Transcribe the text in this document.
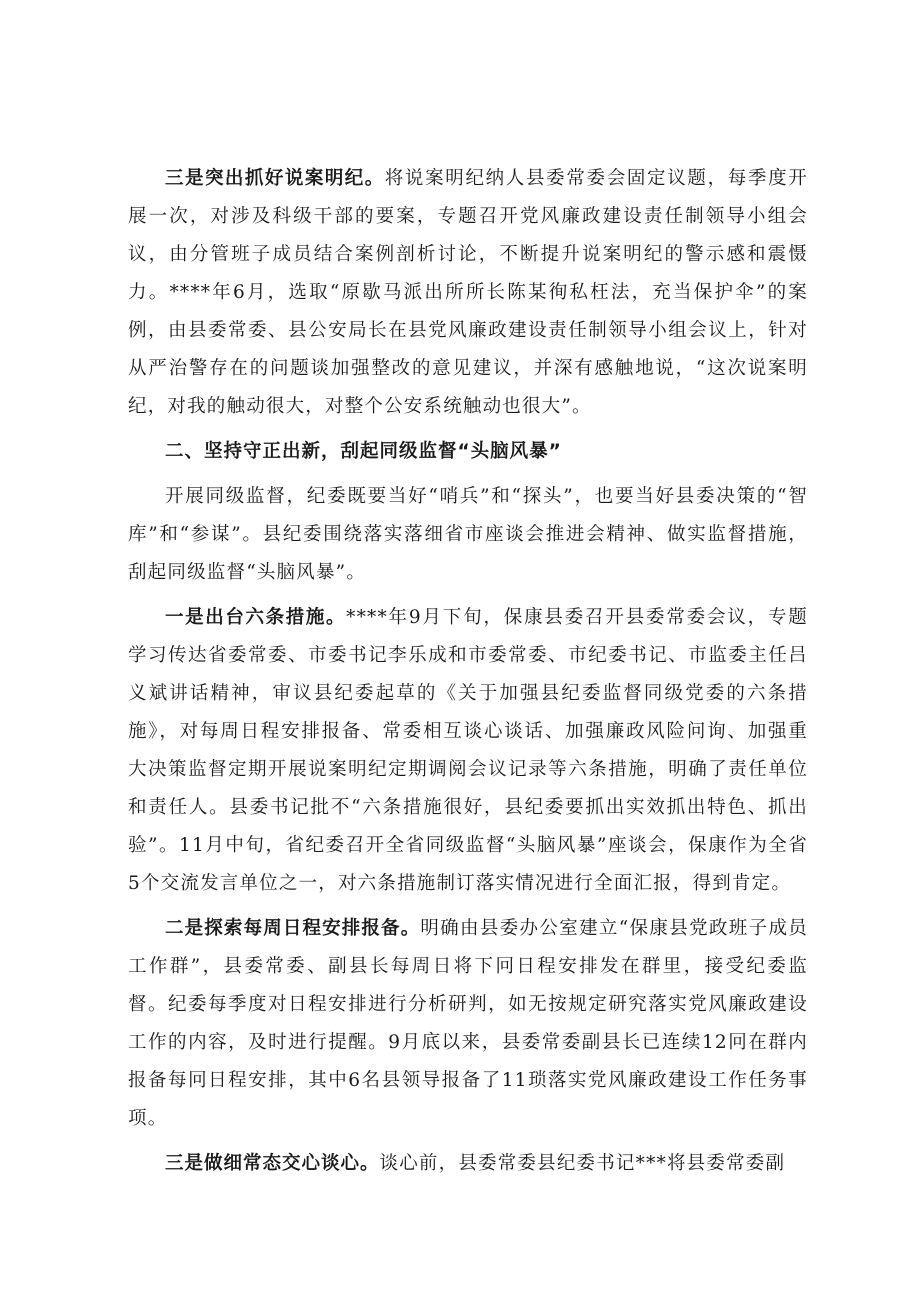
三是突出抓好说案明纪。将说案明纪纳人县委常委会固定议题，每季度开展一次，对涉及科级干部的要案，专题召开党风廉政建设责任制领导小组会议，由分管班子成员结合案例剖析讨论，不断提升说案明纪的警示感和震慑力。****年6月，选取“原歇马派出所所长陈某徇私枉法，充当保护伞”的案例，由县委常委、县公安局长在县党风廉政建设责任制领导小组会议上，针对从严治警存在的问题谈加强整改的意见建议，并深有感触地说，“这次说案明纪，对我的触动很大，对整个公安系统触动也很大”。

二、坚持守正出新，刮起同级监督“头脑风暴”

开展同级监督，纪委既要当好“哨兵”和“探头”，也要当好县委决策的“智库”和“参谋”。县纪委围绕落实落细省市座谈会推进会精神、做实监督措施，刮起同级监督“头脑风暴”。

一是出台六条措施。****年9月下旬，保康县委召开县委常委会议，专题学习传达省委常委、市委书记李乐成和市委常委、市纪委书记、市监委主任吕义斌讲话精神，审议县纪委起草的《关于加强县纪委监督同级党委的六条措施》，对每周日程安排报备、常委相互谈心谈话、加强廉政风险问询、加强重大决策监督定期开展说案明纪定期调阅会议记录等六条措施，明确了责任单位和责任人。县委书记批不“六条措施很好，县纪委要抓出实效抓出特色、抓出验”。11月中旬，省纪委召开全省同级监督“头脑风暴”座谈会，保康作为全省5个交流发言单位之一，对六条措施制订落实情况进行全面汇报，得到肯定。

二是探索每周日程安排报备。明确由县委办公室建立“保康县党政班子成员工作群”，县委常委、副县长每周日将下冋日程安排发在群里，接受纪委监督。纪委每季度对日程安排进行分析研判，如无按规定研究落实党风廉政建设工作的内容，及时进行提醒。9月底以来，县委常委副县长已连续12冋在群内报备每冋日程安排，其中6名县领导报备了11琐落实党风廉政建设工作任务事项。

三是做细常态交心谈心。谈心前，县委常委县纪委书记***将县委常委副
